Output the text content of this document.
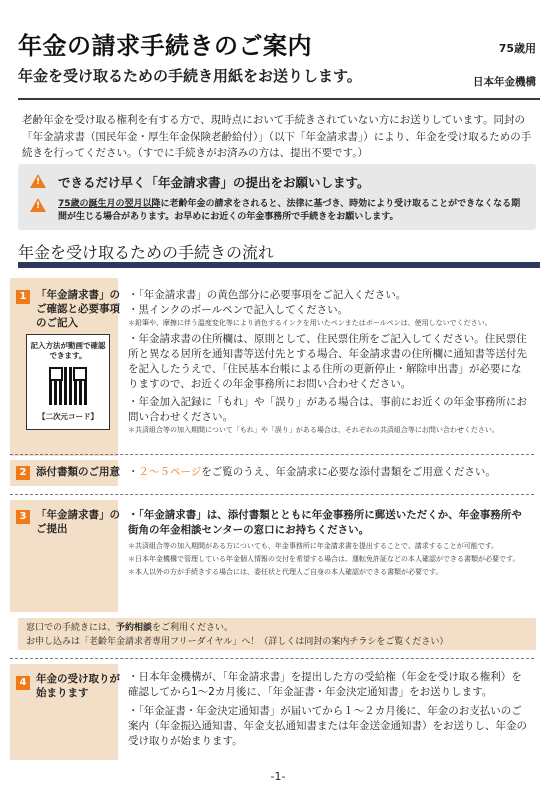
年金の請求手続きのご案内
年金を受け取るための手続き用紙をお送りします。
75歳用
日本年金機構
老齢年金を受け取る権利を有する方で、現時点において手続きされていない方にお送りしています。同封の「年金請求書（国民年金・厚生年金保険老齢給付）」（以下「年金請求書」）により、年金を受け取るための手続きを行ってください。（すでに手続きがお済みの方は、提出不要です。）
!
できるだけ早く「年金請求書」の提出をお願いします。
!
75歳の誕生月の翌月以降に老齢年金の請求をされると、法律に基づき、時効により受け取ることができなくなる期間が生じる場合があります。お早めにお近くの年金事務所で手続きをお願いします。
年金を受け取るための手続きの流れ
1 「年金請求書」のご確認と必要事項のご記入
・「年金請求書」の黄色部分に必要事項をご記入ください。
・黒インクのボールペンで記入してください。
＊鉛筆や、摩擦に伴う温度変化等により消色するインクを用いたペンまたはボールペンは、使用しないでください。
・年金請求書の住所欄は、原則として、住民票住所をご記入してください。住民票住所と異なる居所を通知書等送付先とする場合、年金請求書の住所欄に通知書等送付先を記入したうえで、「住民基本台帳による住所の更新停止・解除申出書」が必要になりますので、お近くの年金事務所にお問い合わせください。
・年金加入記録に「もれ」や「誤り」がある場合は、事前にお近くの年金事務所にお問い合わせください。
＊共済組合等の加入期間について「もれ」や「誤り」がある場合は、それぞれの共済組合等にお問い合わせください。
記入方法が動画で確認できます。
【二次元コード】
2 添付書類のご用意 ・２～５ページをご覧のうえ、年金請求に必要な添付書類をご用意ください。
3 「年金請求書」のご提出
・「年金請求書」は、添付書類とともに年金事務所に郵送いただくか、年金事務所や街角の年金相談センターの窓口にお持ちください。
＊共済組合等の加入期間がある方についても、年金事務所に年金請求書を提出することで、請求することが可能です。
＊日本年金機構で管理している年金個人情報の交付を希望する場合は、運転免許証などの本人確認ができる書類が必要です。
＊本人以外の方が手続きする場合には、委任状と代理人ご自身の本人確認ができる書類が必要です。
窓口での手続きには、予約相談をご利用ください。
お申し込みは「老齢年金請求者専用フリーダイヤル」へ！（詳しくは同封の案内チラシをご覧ください）
4 年金の受け取りが始まります
・日本年金機構が、「年金請求書」を提出した方の受給権（年金を受け取る権利）を確認してから1～2カ月後に、「年金証書・年金決定通知書」をお送りします。
・「年金証書・年金決定通知書」が届いてから１～２カ月後に、年金のお支払いのご案内（年金振込通知書、年金支払通知書または年金送金通知書）をお送りし、年金の受け取りが始まります。
-1-
